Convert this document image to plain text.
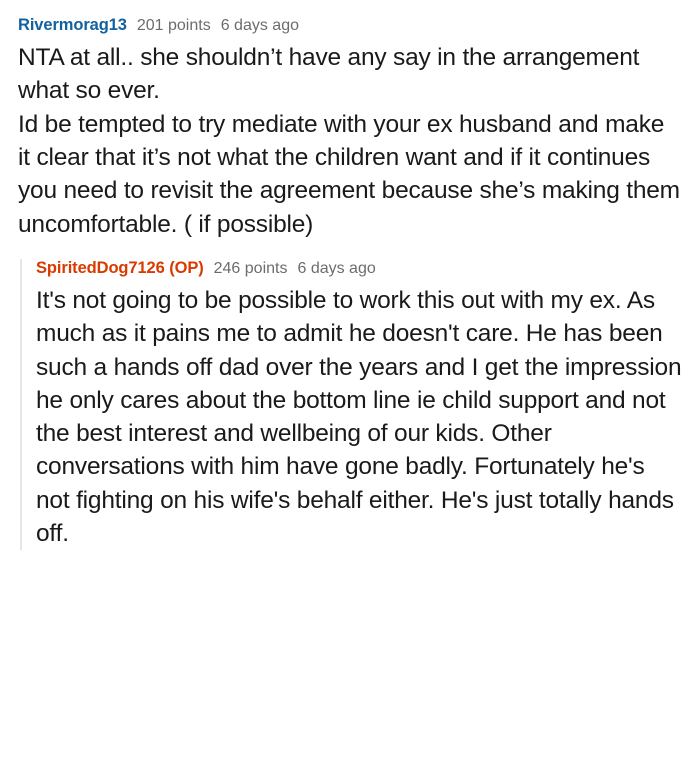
Rivermorag13 201 points 6 days ago

NTA at all.. she shouldn’t have any say in the arrangement what so ever.

Id be tempted to try mediate with your ex husband and make it clear that it’s not what the children want and if it continues you need to revisit the agreement because she’s making them uncomfortable. ( if possible)

SpiritedDog7126 (OP) 246 points 6 days ago

It's not going to be possible to work this out with my ex. As much as it pains me to admit he doesn't care. He has been such a hands off dad over the years and I get the impression he only cares about the bottom line ie child support and not the best interest and wellbeing of our kids. Other conversations with him have gone badly. Fortunately he's not fighting on his wife's behalf either. He's just totally hands off.
